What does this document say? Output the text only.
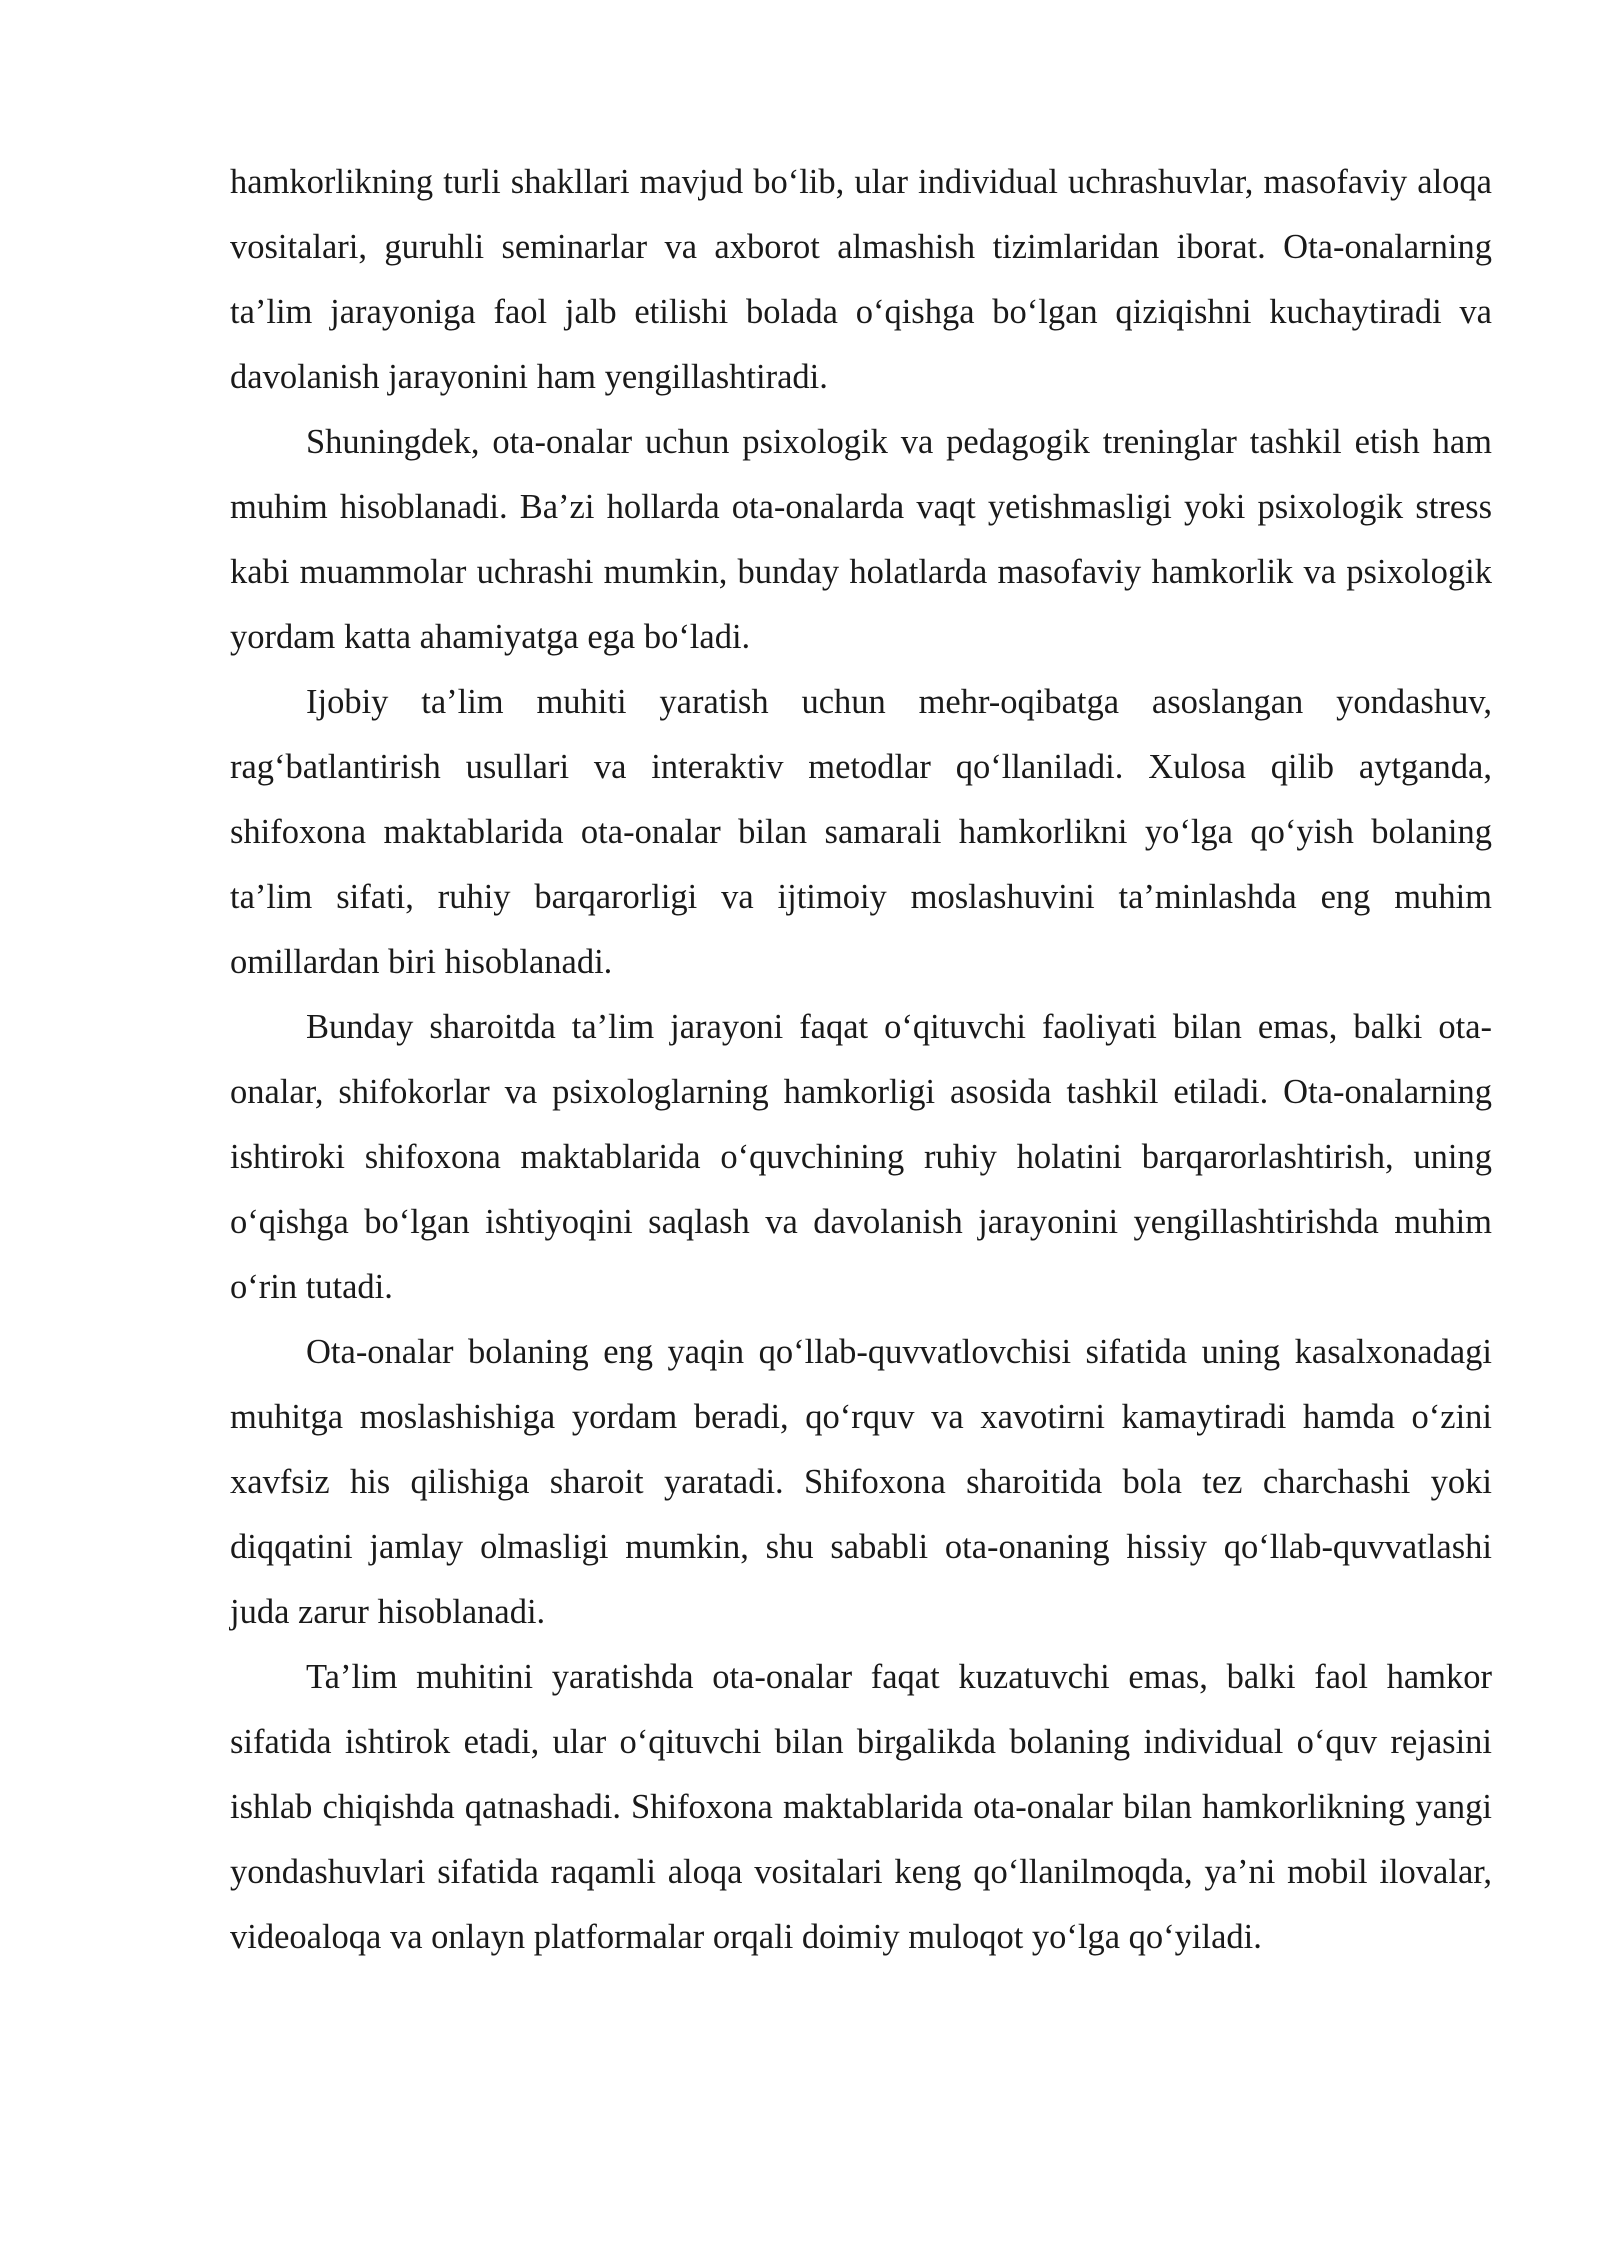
hamkorlikning turli shakllari mavjud bo‘lib, ular individual uchrashuvlar, masofaviy aloqa vositalari, guruhli seminarlar va axborot almashish tizimlaridan iborat. Ota-onalarning ta’lim jarayoniga faol jalb etilishi bolada o‘qishga bo‘lgan qiziqishni kuchaytiradi va davolanish jarayonini ham yengillashtiradi.

Shuningdek, ota-onalar uchun psixologik va pedagogik treninglar tashkil etish ham muhim hisoblanadi. Ba’zi hollarda ota-onalarda vaqt yetishmasligi yoki psixologik stress kabi muammolar uchrashi mumkin, bunday holatlarda masofaviy hamkorlik va psixologik yordam katta ahamiyatga ega bo‘ladi.

Ijobiy ta’lim muhiti yaratish uchun mehr-oqibatga asoslangan yondashuv, rag‘batlantirish usullari va interaktiv metodlar qo‘llaniladi. Xulosa qilib aytganda, shifoxona maktablarida ota-onalar bilan samarali hamkorlikni yo‘lga qo‘yish bolaning ta’lim sifati, ruhiy barqarorligi va ijtimoiy moslashuvini ta’minlashda eng muhim omillardan biri hisoblanadi.

Bunday sharoitda ta’lim jarayoni faqat o‘qituvchi faoliyati bilan emas, balki ota-onalar, shifokorlar va psixologlarning hamkorligi asosida tashkil etiladi. Ota-onalarning ishtiroki shifoxona maktablarida o‘quvchining ruhiy holatini barqarorlashtirish, uning o‘qishga bo‘lgan ishtiyoqini saqlash va davolanish jarayonini yengillashtirishda muhim o‘rin tutadi.

Ota-onalar bolaning eng yaqin qo‘llab-quvvatlovchisi sifatida uning kasalxonadagi muhitga moslashishiga yordam beradi, qo‘rquv va xavotirni kamaytiradi hamda o‘zini xavfsiz his qilishiga sharoit yaratadi. Shifoxona sharoitida bola tez charchashi yoki diqqatini jamlay olmasligi mumkin, shu sababli ota-onaning hissiy qo‘llab-quvvatlashi juda zarur hisoblanadi.

Ta’lim muhitini yaratishda ota-onalar faqat kuzatuvchi emas, balki faol hamkor sifatida ishtirok etadi, ular o‘qituvchi bilan birgalikda bolaning individual o‘quv rejasini ishlab chiqishda qatnashadi. Shifoxona maktablarida ota-onalar bilan hamkorlikning yangi yondashuvlari sifatida raqamli aloqa vositalari keng qo‘llanilmoqda, ya’ni mobil ilovalar, videoaloqa va onlayn platformalar orqali doimiy muloqot yo‘lga qo‘yiladi.
